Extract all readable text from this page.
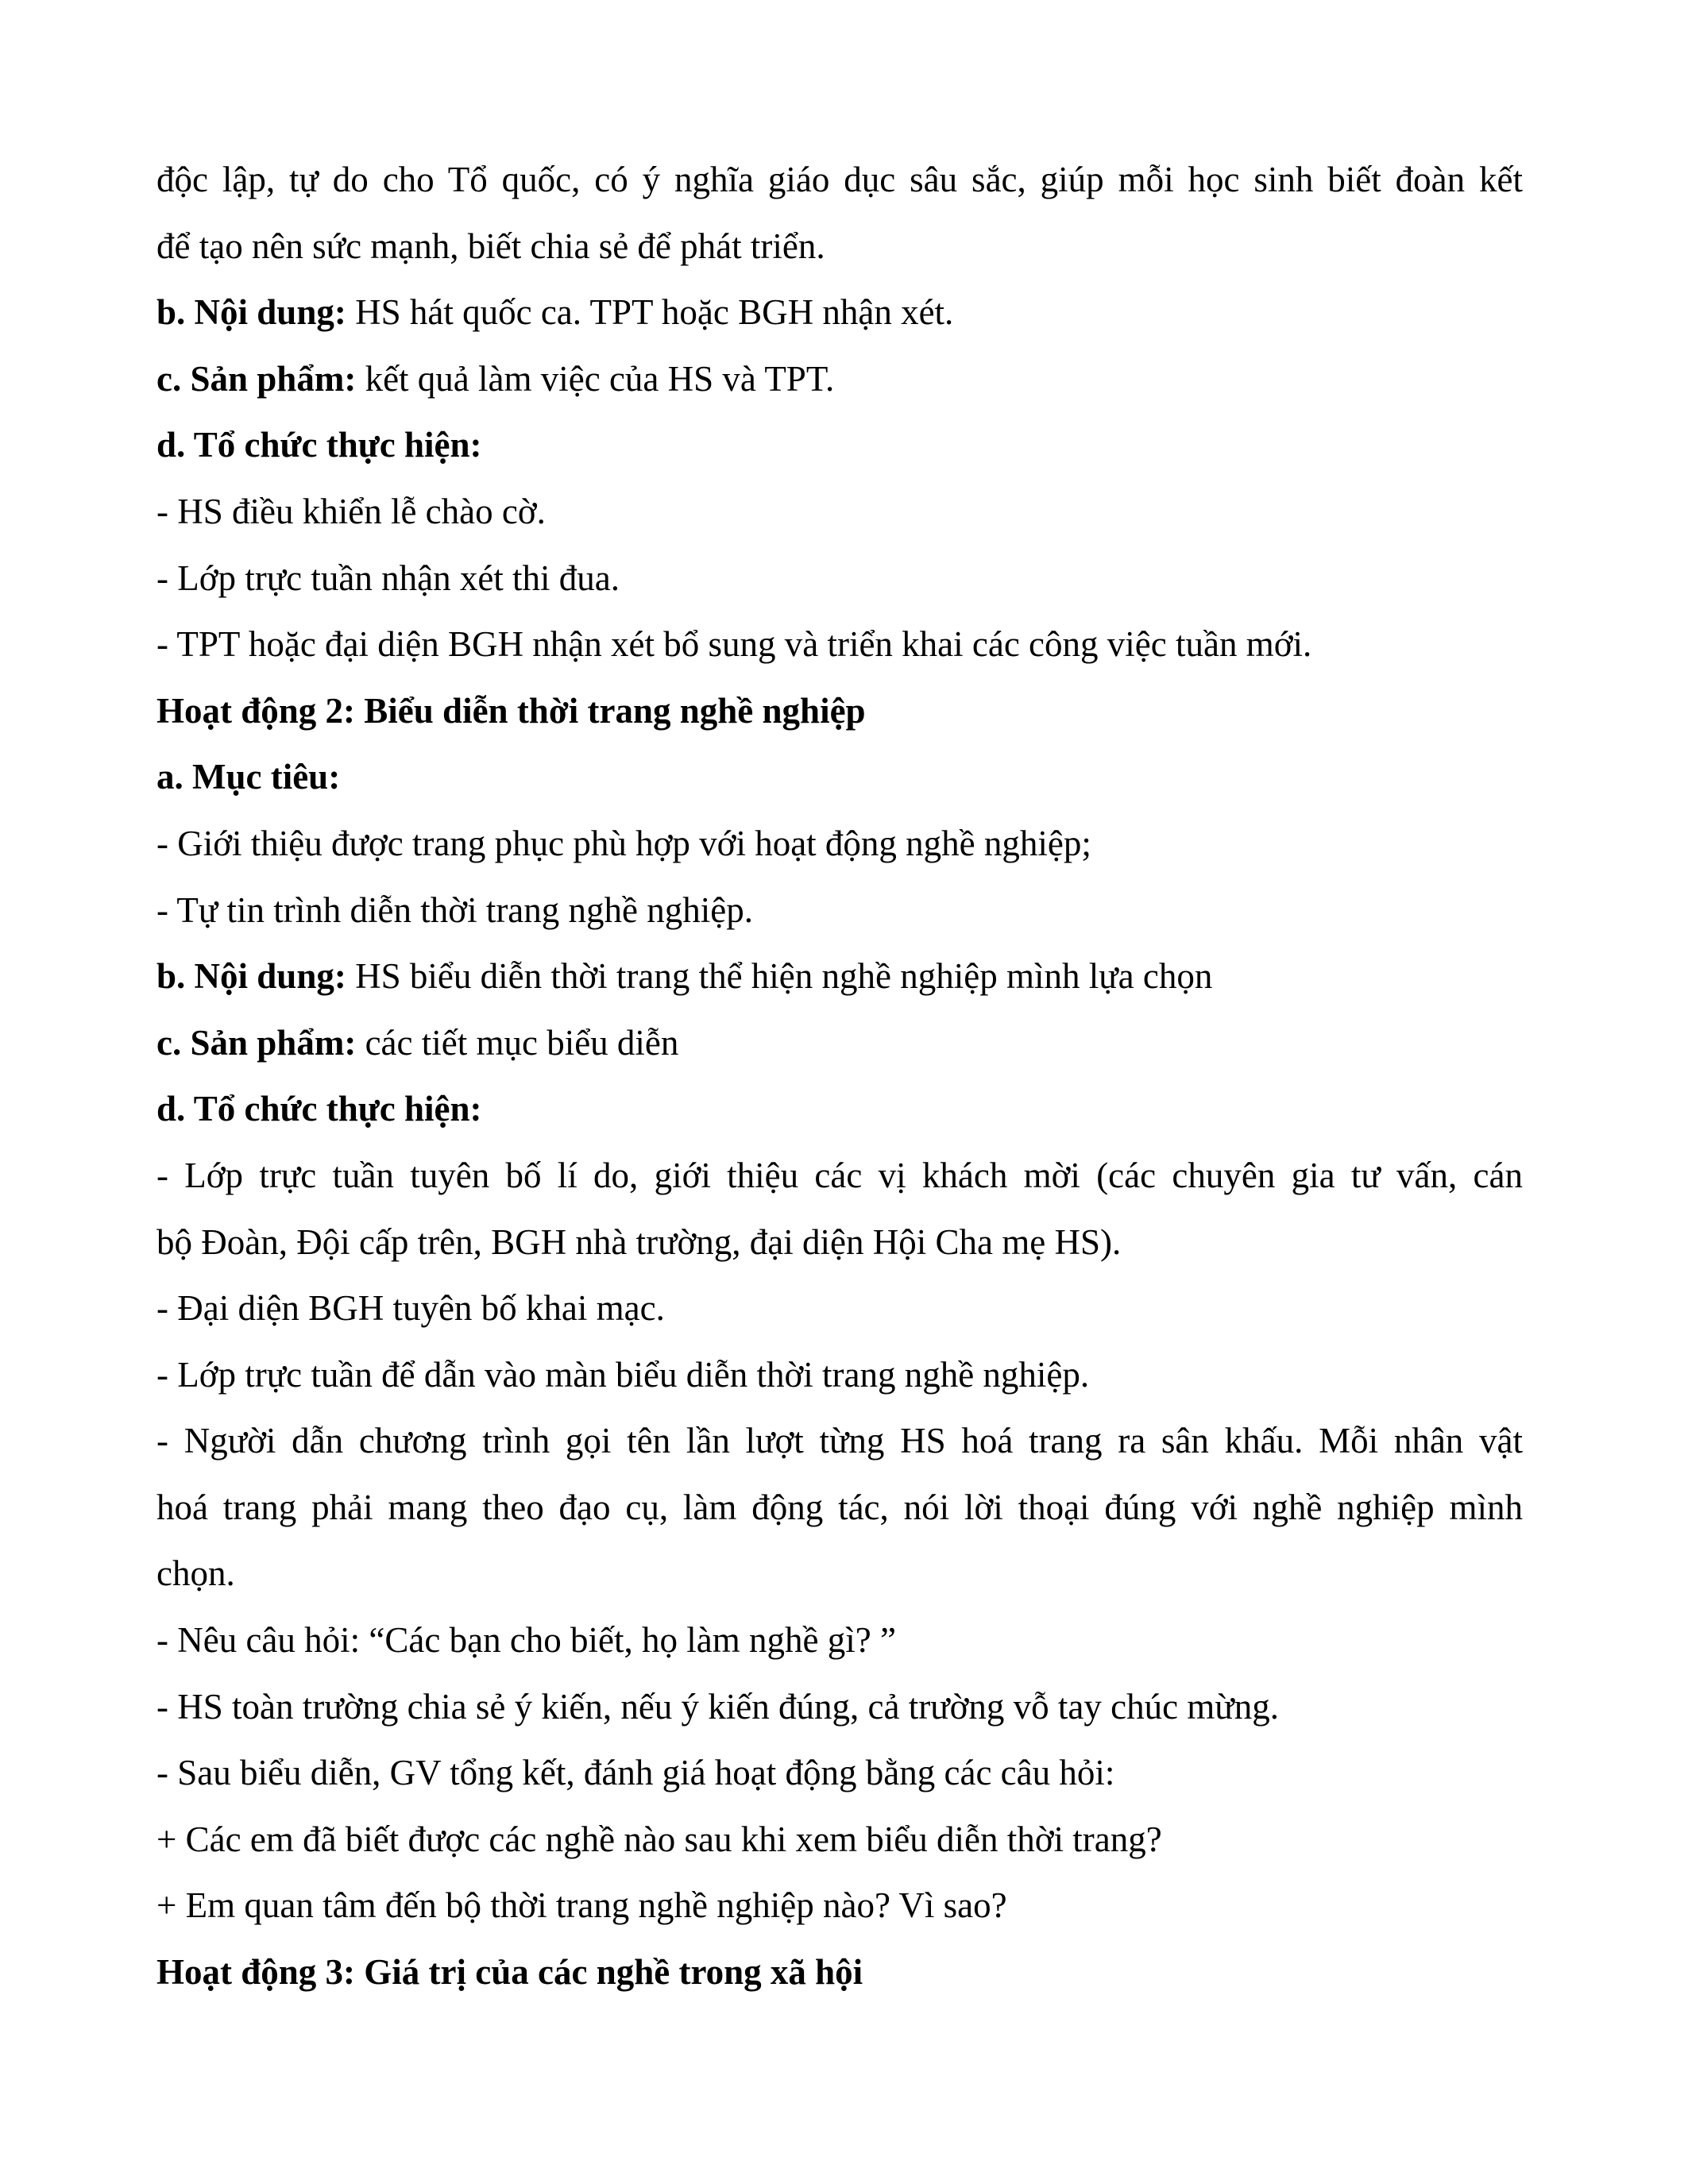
độc lập, tự do cho Tổ quốc, có ý nghĩa giáo dục sâu sắc, giúp mỗi học sinh biết đoàn kết
để tạo nên sức mạnh, biết chia sẻ để phát triển.
b. Nội dung: HS hát quốc ca. TPT hoặc BGH nhận xét.
c. Sản phẩm: kết quả làm việc của HS và TPT.
d. Tổ chức thực hiện:
- HS điều khiển lễ chào cờ.
- Lớp trực tuần nhận xét thi đua.
- TPT hoặc đại diện BGH nhận xét bổ sung và triển khai các công việc tuần mới.
Hoạt động 2: Biểu diễn thời trang nghề nghiệp
a. Mục tiêu:
- Giới thiệu được trang phục phù hợp với hoạt động nghề nghiệp;
- Tự tin trình diễn thời trang nghề nghiệp.
b. Nội dung: HS biểu diễn thời trang thể hiện nghề nghiệp mình lựa chọn
c. Sản phẩm: các tiết mục biểu diễn
d. Tổ chức thực hiện:
- Lớp trực tuần tuyên bố lí do, giới thiệu các vị khách mời (các chuyên gia tư vấn, cán
bộ Đoàn, Đội cấp trên, BGH nhà trường, đại diện Hội Cha mẹ HS).
- Đại diện BGH tuyên bố khai mạc.
- Lớp trực tuần để dẫn vào màn biểu diễn thời trang nghề nghiệp.
- Người dẫn chương trình gọi tên lần lượt từng HS hoá trang ra sân khấu. Mỗi nhân vật
hoá trang phải mang theo đạo cụ, làm động tác, nói lời thoại đúng với nghề nghiệp mình
chọn.
- Nêu câu hỏi: “Các bạn cho biết, họ làm nghề gì? ”
- HS toàn trường chia sẻ ý kiến, nếu ý kiến đúng, cả trường vỗ tay chúc mừng.
- Sau biểu diễn, GV tổng kết, đánh giá hoạt động bằng các câu hỏi:
+ Các em đã biết được các nghề nào sau khi xem biểu diễn thời trang?
+ Em quan tâm đến bộ thời trang nghề nghiệp nào? Vì sao?
Hoạt động 3: Giá trị của các nghề trong xã hội
